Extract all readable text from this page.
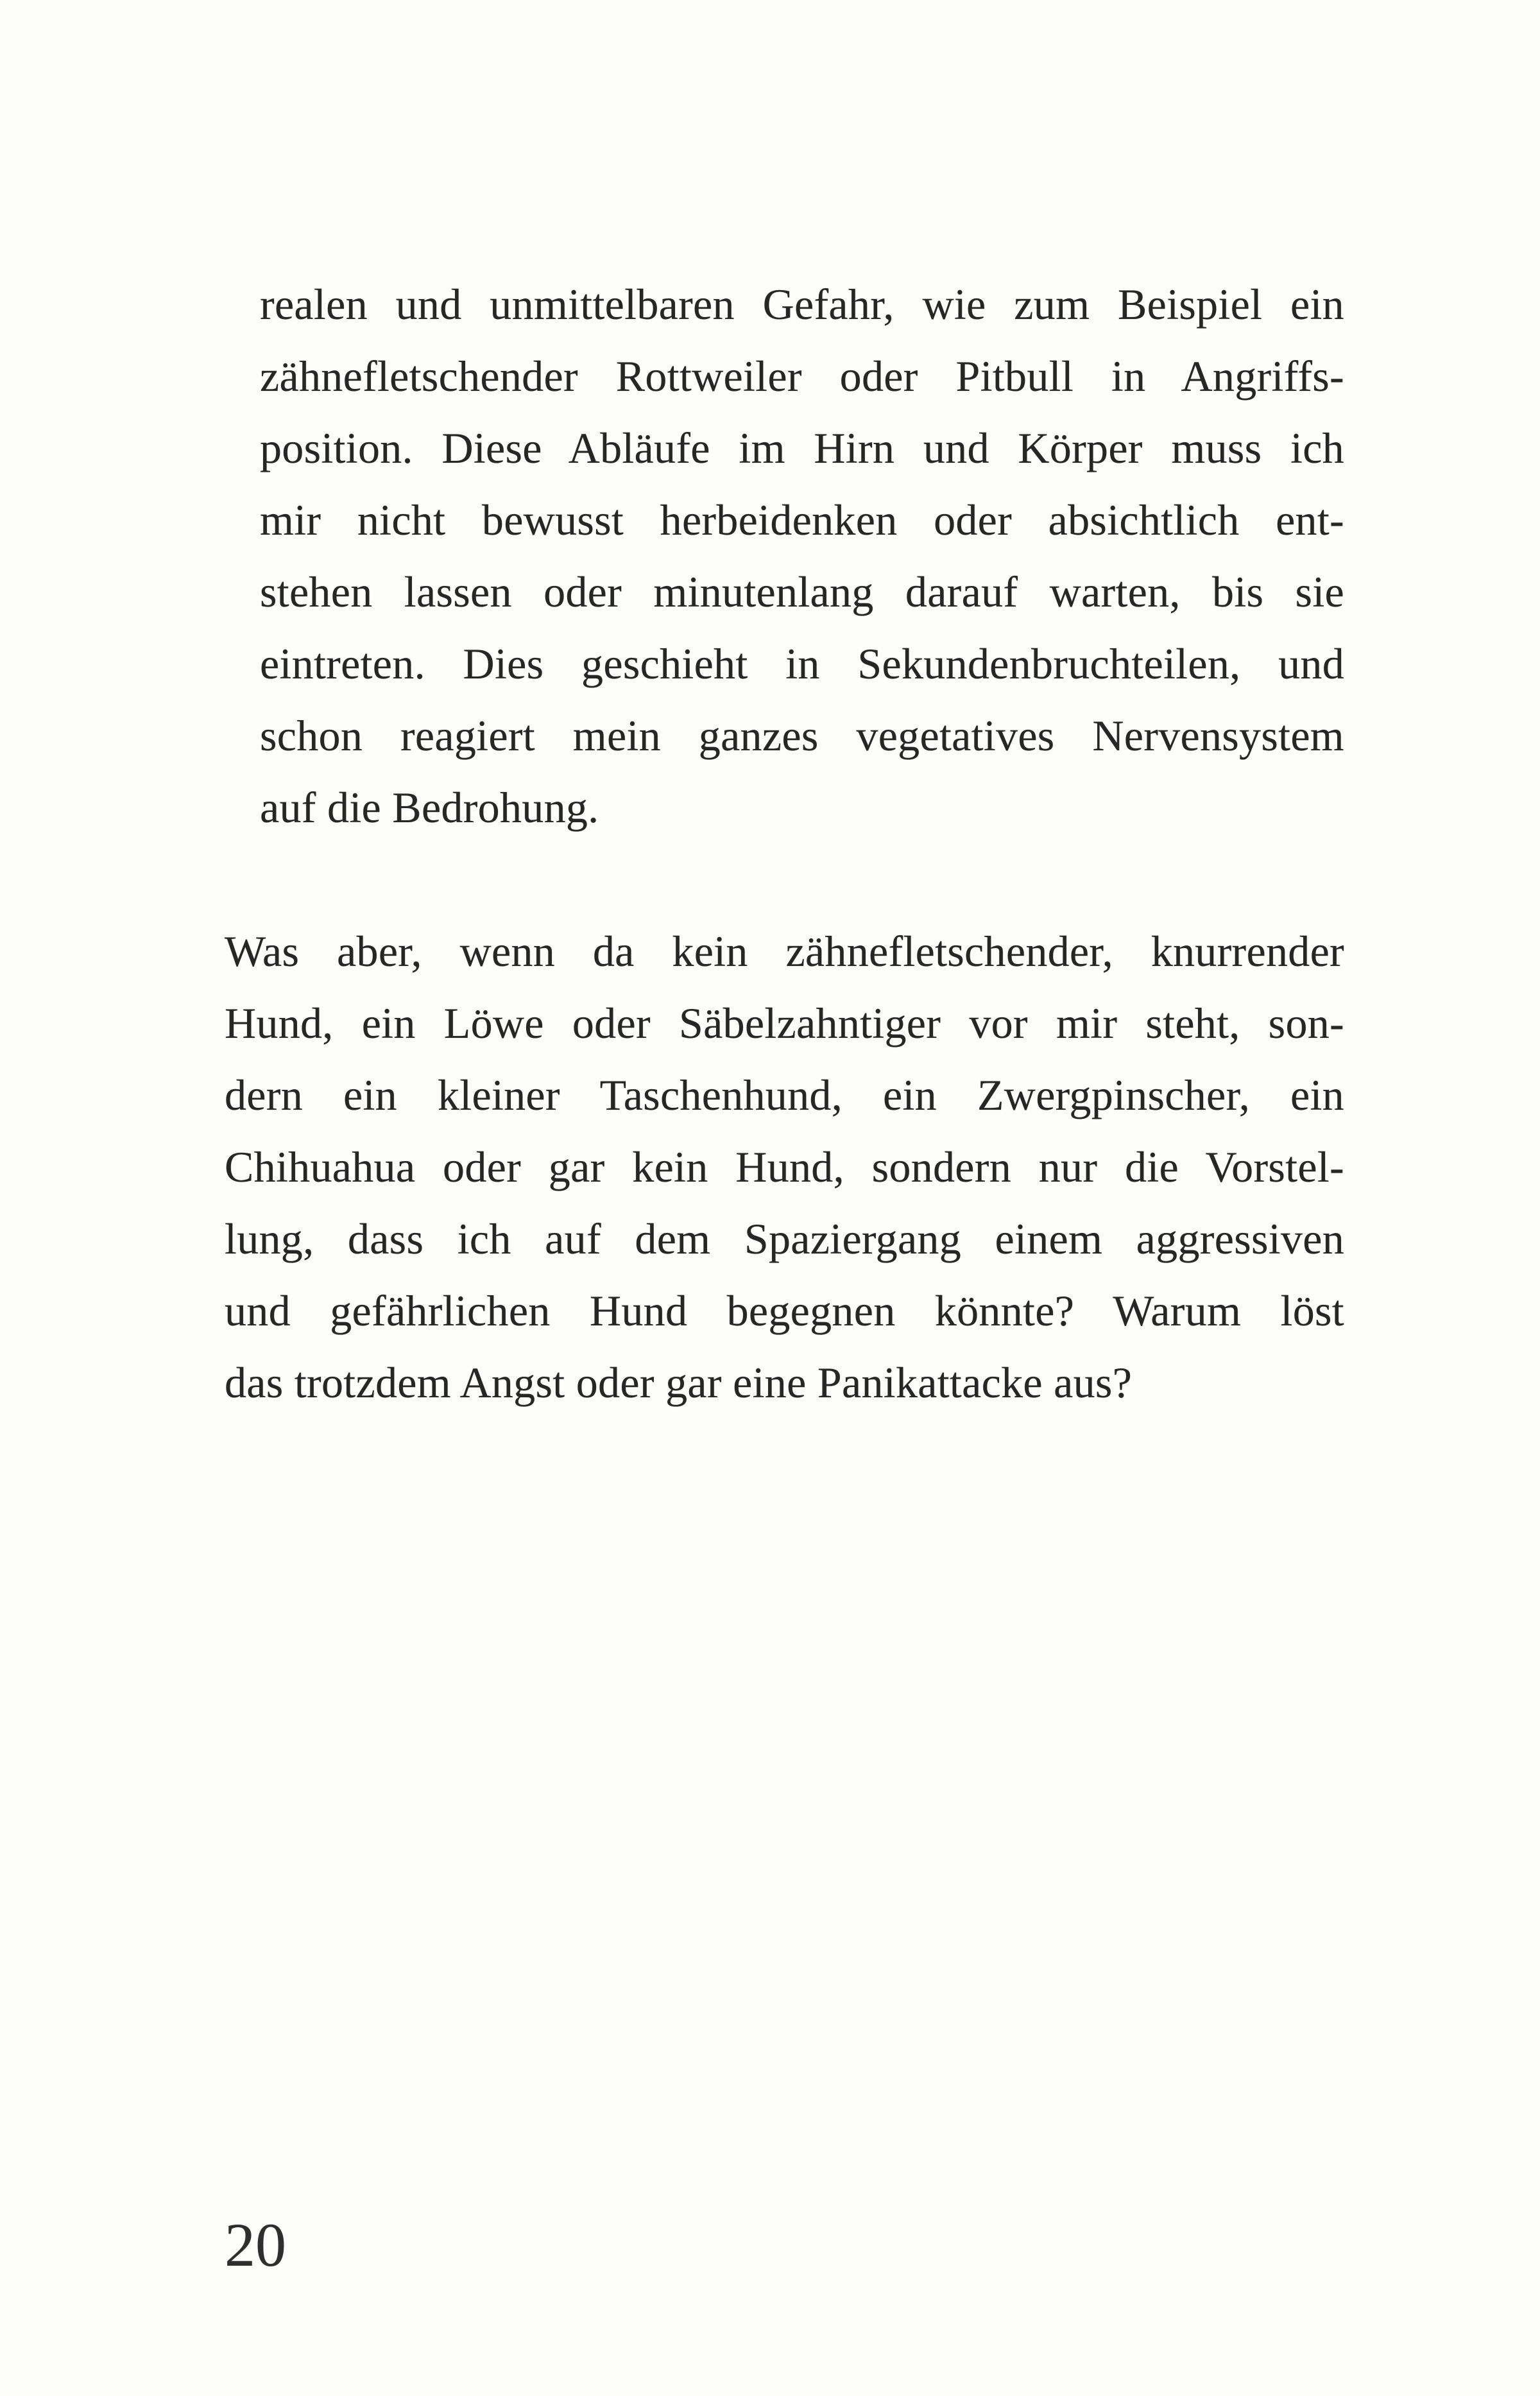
realen und unmittelbaren Gefahr, wie zum Beispiel ein
zähnefletschender Rottweiler oder Pitbull in Angriffs-
position. Diese Abläufe im Hirn und Körper muss ich
mir nicht bewusst herbeidenken oder absichtlich ent-
stehen lassen oder minutenlang darauf warten, bis sie
eintreten. Dies geschieht in Sekundenbruchteilen, und
schon reagiert mein ganzes vegetatives Nervensystem
auf die Bedrohung.
Was aber, wenn da kein zähnefletschender, knurrender
Hund, ein Löwe oder Säbelzahntiger vor mir steht, son-
dern ein kleiner Taschenhund, ein Zwergpinscher, ein
Chihuahua oder gar kein Hund, sondern nur die Vorstel-
lung, dass ich auf dem Spaziergang einem aggressiven
und gefährlichen Hund begegnen könnte? Warum löst
das trotzdem Angst oder gar eine Panikattacke aus?
20
